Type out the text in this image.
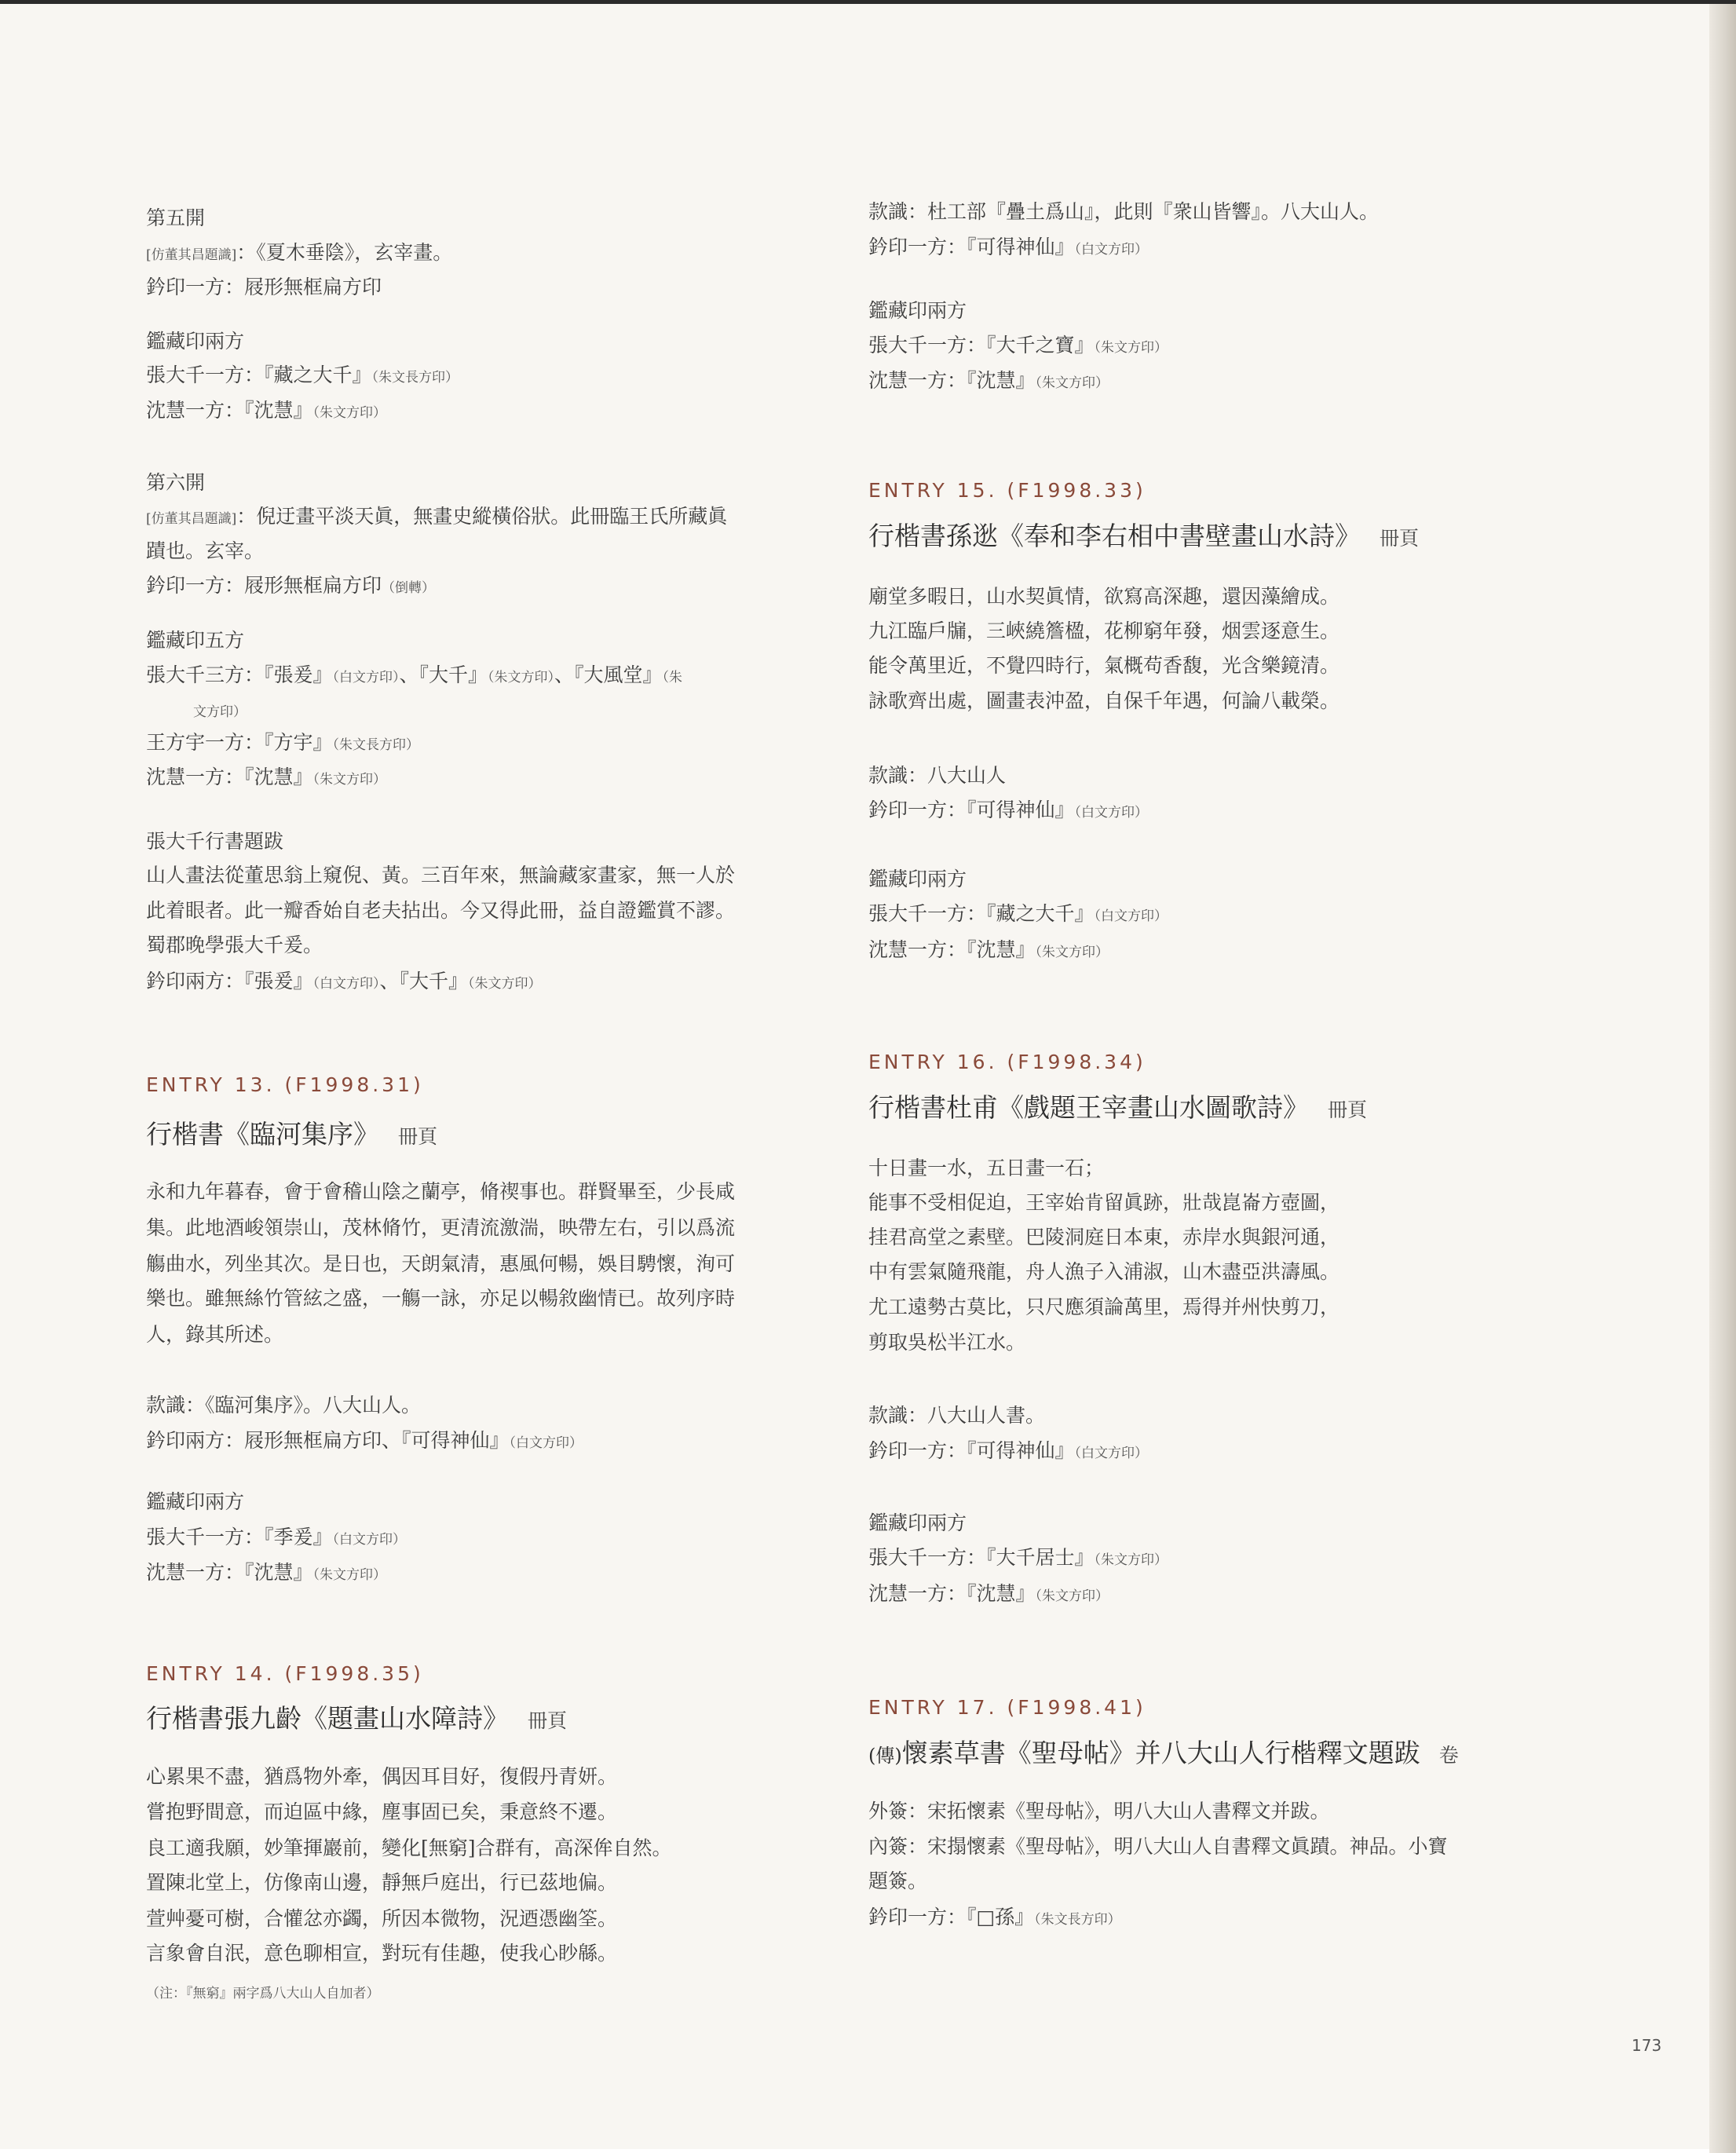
第五開
[仿董其昌題識]：《夏木垂陰》，玄宰畫。
鈐印一方：屐形無框扁方印
鑑藏印兩方
張大千一方：『藏之大千』（朱文長方印）
沈慧一方：『沈慧』（朱文方印）
第六開
[仿董其昌題識]：倪迂畫平淡天眞，無畫史縱橫俗狀。此冊臨王氏所藏眞
蹟也。玄宰。
鈐印一方：屐形無框扁方印（倒轉）
鑑藏印五方
張大千三方：『張爰』（白文方印）、『大千』（朱文方印）、『大風堂』（朱
文方印）
王方宇一方：『方宇』（朱文長方印）
沈慧一方：『沈慧』（朱文方印）
張大千行書題跋
山人畫法從董思翁上窺倪、黃。三百年來，無論藏家畫家，無一人於
此着眼者。此一瓣香始自老夫拈出。今又得此冊，益自證鑑賞不謬。
蜀郡晚學張大千爰。
鈐印兩方：『張爰』（白文方印）、『大千』（朱文方印）
ENTRY 13. (F1998.31)
行楷書《臨河集序》 冊頁
永和九年暮春，會于會稽山陰之蘭亭，脩禊事也。群賢畢至，少長咸
集。此地酒峻領崇山，茂林脩竹，更清流激湍，映帶左右，引以爲流
觴曲水，列坐其次。是日也，天朗氣清，惠風何暢，娛目騁懷，洵可
樂也。雖無絲竹管絃之盛，一觴一詠，亦足以暢敘幽情已。故列序時
人，錄其所述。
款識：《臨河集序》。八大山人。
鈐印兩方：屐形無框扁方印、『可得神仙』（白文方印）
鑑藏印兩方
張大千一方：『季爰』（白文方印）
沈慧一方：『沈慧』（朱文方印）
ENTRY 14. (F1998.35)
行楷書張九齡《題畫山水障詩》 冊頁
心累果不盡，猶爲物外牽，偶因耳目好，復假丹青妍。
嘗抱野間意，而迫區中緣，塵事固已矣，秉意終不遷。
良工適我願，妙筆揮巖前，變化[無窮]合群有，高深侔自然。
置陳北堂上，仿像南山邊，靜無戶庭出，行已茲地偏。
萱艸憂可樹，合懽忿亦蠲，所因本微物，況迺憑幽筌。
言象會自泯，意色聊相宣，對玩有佳趣，使我心眇緜。
（注：『無窮』兩字爲八大山人自加者）
款識：杜工部『疊土爲山』，此則『衆山皆響』。八大山人。
鈐印一方：『可得神仙』（白文方印）
鑑藏印兩方
張大千一方：『大千之寶』（朱文方印）
沈慧一方：『沈慧』（朱文方印）
ENTRY 15. (F1998.33)
行楷書孫逖《奉和李右相中書壁畫山水詩》 冊頁
廟堂多暇日，山水契眞情，欲寫高深趣，還因藻繪成。
九江臨戶牖，三峽繞簷楹，花柳窮年發，烟雲逐意生。
能令萬里近，不覺四時行，氣概苟香馥，光含樂鏡清。
詠歌齊出處，圖畫表沖盈，自保千年遇，何論八載榮。
款識：八大山人
鈐印一方：『可得神仙』（白文方印）
鑑藏印兩方
張大千一方：『藏之大千』（白文方印）
沈慧一方：『沈慧』（朱文方印）
ENTRY 16. (F1998.34)
行楷書杜甫《戲題王宰畫山水圖歌詩》 冊頁
十日畫一水，五日畫一石；
能事不受相促迫，王宰始肯留眞跡，壯哉崑崙方壺圖，
挂君高堂之素壁。巴陵洞庭日本東，赤岸水與銀河通，
中有雲氣隨飛龍，舟人漁子入浦淑，山木盡亞洪濤風。
尤工遠勢古莫比，只尺應須論萬里，焉得并州快剪刀，
剪取吳松半江水。
款識：八大山人書。
鈐印一方：『可得神仙』（白文方印）
鑑藏印兩方
張大千一方：『大千居士』（朱文方印）
沈慧一方：『沈慧』（朱文方印）
ENTRY 17. (F1998.41)
(傳)懷素草書《聖母帖》并八大山人行楷釋文題跋 卷
外簽：宋拓懷素《聖母帖》，明八大山人書釋文并跋。
內簽：宋搨懷素《聖母帖》，明八大山人自書釋文眞蹟。神品。小寶
題簽。
鈐印一方：『□孫』（朱文長方印）
173
